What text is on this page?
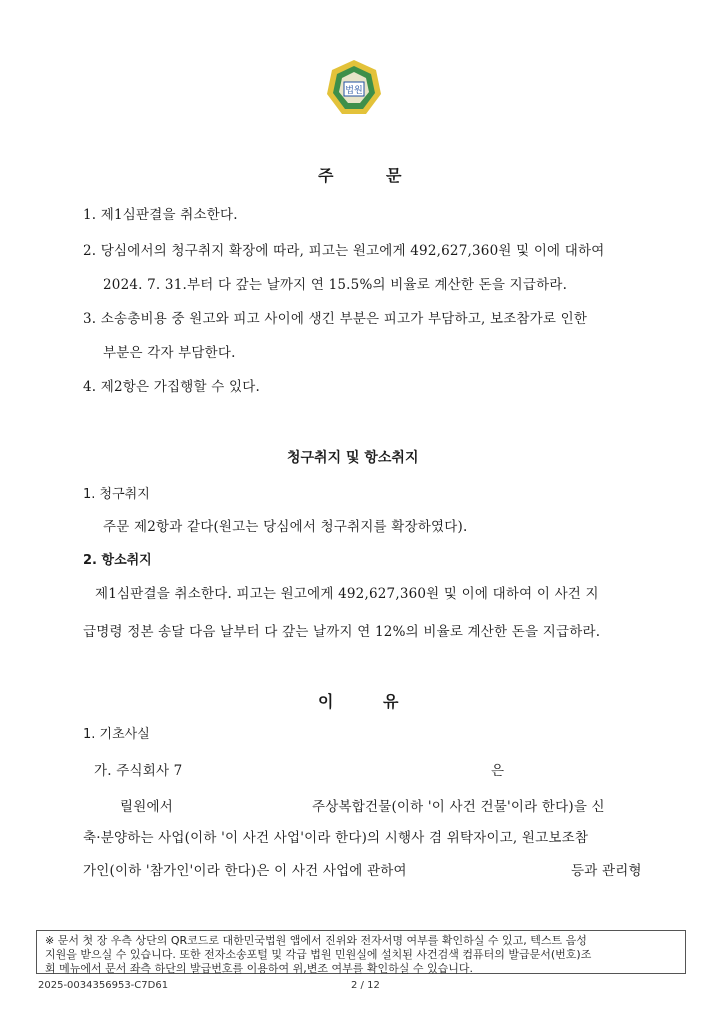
법원
주	문
1. 제1심판결을 취소한다.
2. 당심에서의 청구취지 확장에 따라, 피고는 원고에게 492,627,360원 및 이에 대하여
2024. 7. 31.부터 다 갚는 날까지 연 15.5%의 비율로 계산한 돈을 지급하라.
3. 소송총비용 중 원고와 피고 사이에 생긴 부분은 피고가 부담하고, 보조참가로 인한
부분은 각자 부담한다.
4. 제2항은 가집행할 수 있다.
청구취지 및 항소취지
1. 청구취지
주문 제2항과 같다(원고는 당심에서 청구취지를 확장하였다).
2. 항소취지
제1심판결을 취소한다. 피고는 원고에게 492,627,360원 및 이에 대하여 이 사건 지
급명령 정본 송달 다음 날부터 다 갚는 날까지 연 12%의 비율로 계산한 돈을 지급하라.
이	유
1. 기초사실
가. 주식회사 7	은
릴원에서	주상복합건물(이하 '이 사건 건물'이라 한다)을 신
축·분양하는 사업(이하 '이 사건 사업'이라 한다)의 시행사 겸 위탁자이고, 원고보조참
가인(이하 '참가인'이라 한다)은 이 사건 사업에 관하여	등과 관리형
※ 문서 첫 장 우측 상단의 QR코드로 대한민국법원 앱에서 진위와 전자서명 여부를 확인하실 수 있고, 텍스트 음성
지원을 받으실 수 있습니다. 또한 전자소송포털 및 각급 법원 민원실에 설치된 사건검색 컴퓨터의 발급문서(번호)조
회 메뉴에서 문서 좌측 하단의 발급번호를 이용하여 위,변조 여부를 확인하실 수 있습니다.
2025-0034356953-C7D61	2 / 12
